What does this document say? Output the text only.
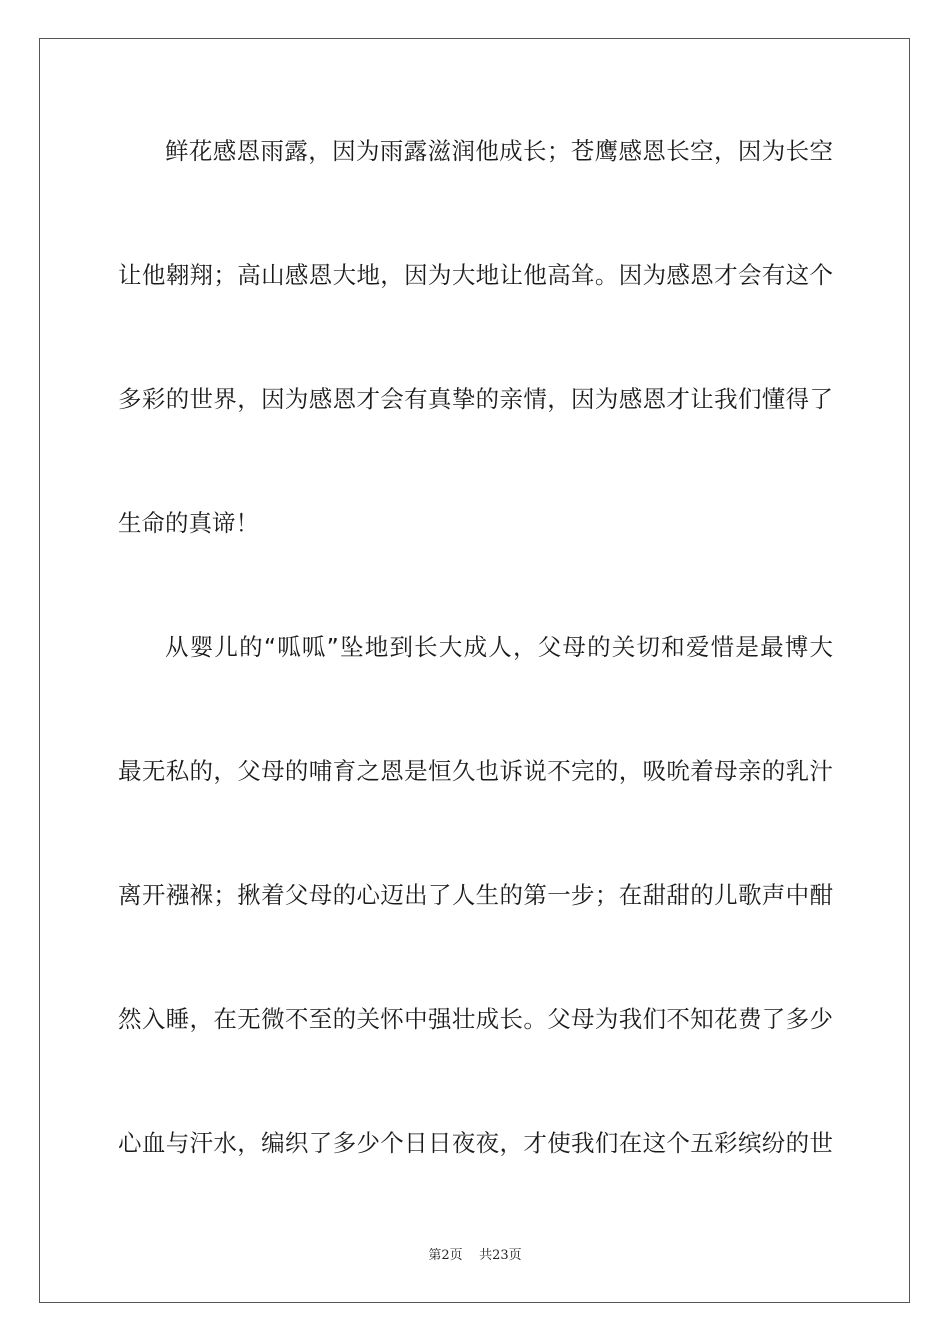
鲜花感恩雨露，因为雨露滋润他成长；苍鹰感恩长空，因为长空
让他翱翔；高山感恩大地，因为大地让他高耸。因为感恩才会有这个
多彩的世界，因为感恩才会有真挚的亲情，因为感恩才让我们懂得了
生命的真谛！
从婴儿的“呱呱”坠地到长大成人，父母的关切和爱惜是最博大
最无私的，父母的哺育之恩是恒久也诉说不完的，吸吮着母亲的乳汁
离开襁褓；揪着父母的心迈出了人生的第一步；在甜甜的儿歌声中酣
然入睡，在无微不至的关怀中强壮成长。父母为我们不知花费了多少
心血与汗水，编织了多少个日日夜夜，才使我们在这个五彩缤纷的世
第2页 共23页
